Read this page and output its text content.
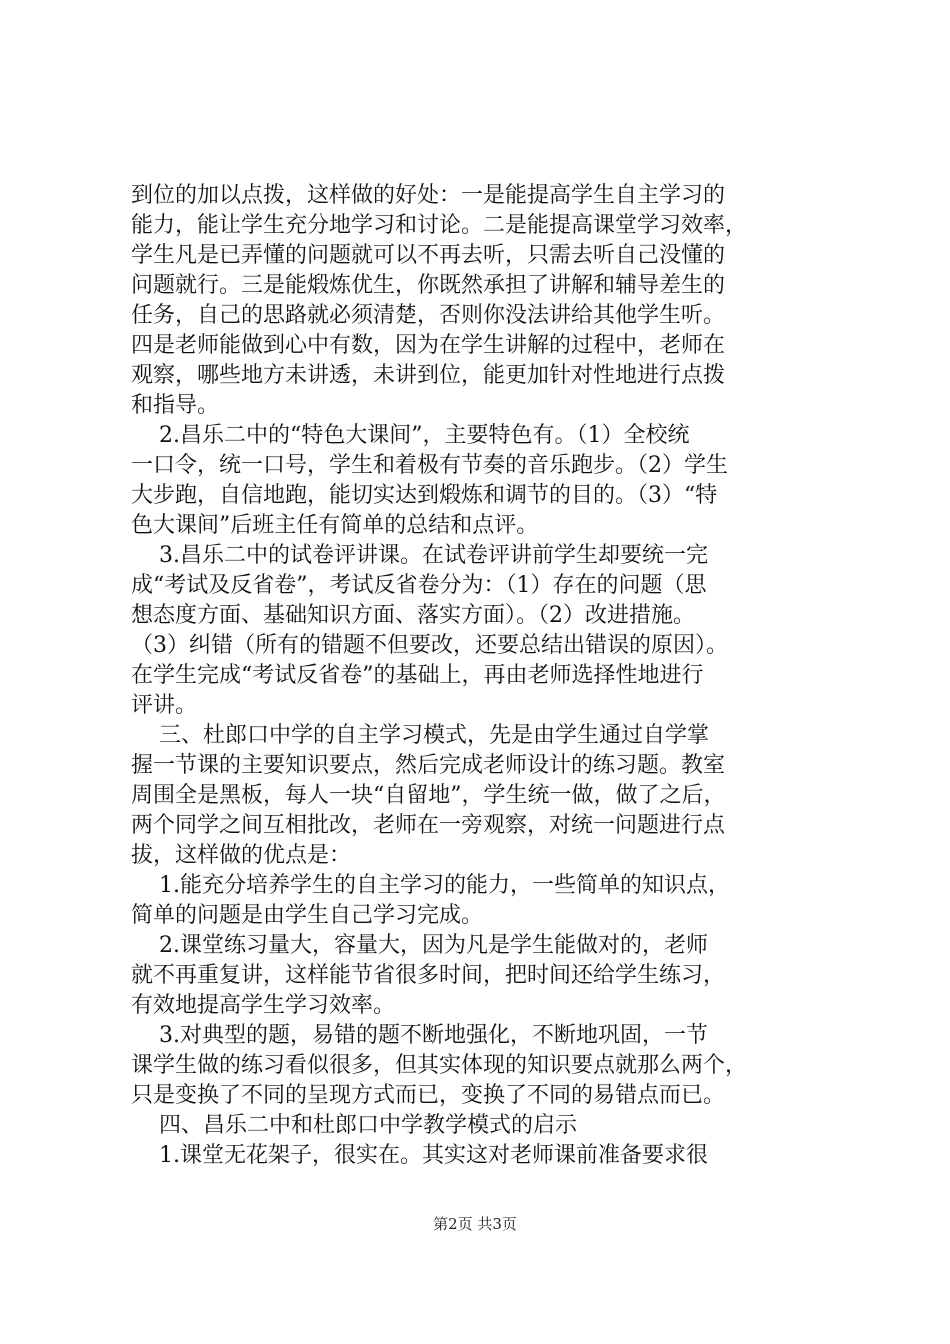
到位的加以点拨，这样做的好处：一是能提高学生自主学习的
能力，能让学生充分地学习和讨论。二是能提高课堂学习效率，
学生凡是已弄懂的问题就可以不再去听，只需去听自己没懂的
问题就行。三是能煅炼优生，你既然承担了讲解和辅导差生的
任务，自己的思路就必须清楚，否则你没法讲给其他学生听。
四是老师能做到心中有数，因为在学生讲解的过程中，老师在
观察，哪些地方未讲透，未讲到位，能更加针对性地进行点拨
和指导。
2.昌乐二中的“特色大课间”，主要特色有。（1）全校统
一口令，统一口号，学生和着极有节奏的音乐跑步。（2）学生
大步跑，自信地跑，能切实达到煅炼和调节的目的。（3）“特
色大课间”后班主任有简单的总结和点评。
3.昌乐二中的试卷评讲课。在试卷评讲前学生却要统一完
成“考试及反省卷”，考试反省卷分为：（1）存在的问题（思
想态度方面、基础知识方面、落实方面）。（2）改进措施。
（3）纠错（所有的错题不但要改，还要总结出错误的原因）。
在学生完成“考试反省卷”的基础上，再由老师选择性地进行
评讲。
三、杜郎口中学的自主学习模式，先是由学生通过自学掌
握一节课的主要知识要点，然后完成老师设计的练习题。教室
周围全是黑板，每人一块“自留地”，学生统一做，做了之后，
两个同学之间互相批改，老师在一旁观察，对统一问题进行点
拔，这样做的优点是：
1.能充分培养学生的自主学习的能力，一些简单的知识点，
简单的问题是由学生自己学习完成。
2.课堂练习量大，容量大，因为凡是学生能做对的，老师
就不再重复讲，这样能节省很多时间，把时间还给学生练习，
有效地提高学生学习效率。
3.对典型的题，易错的题不断地强化，不断地巩固，一节
课学生做的练习看似很多，但其实体现的知识要点就那么两个，
只是变换了不同的呈现方式而已，变换了不同的易错点而已。
四、昌乐二中和杜郎口中学教学模式的启示
1.课堂无花架子，很实在。其实这对老师课前准备要求很
第2页 共3页
